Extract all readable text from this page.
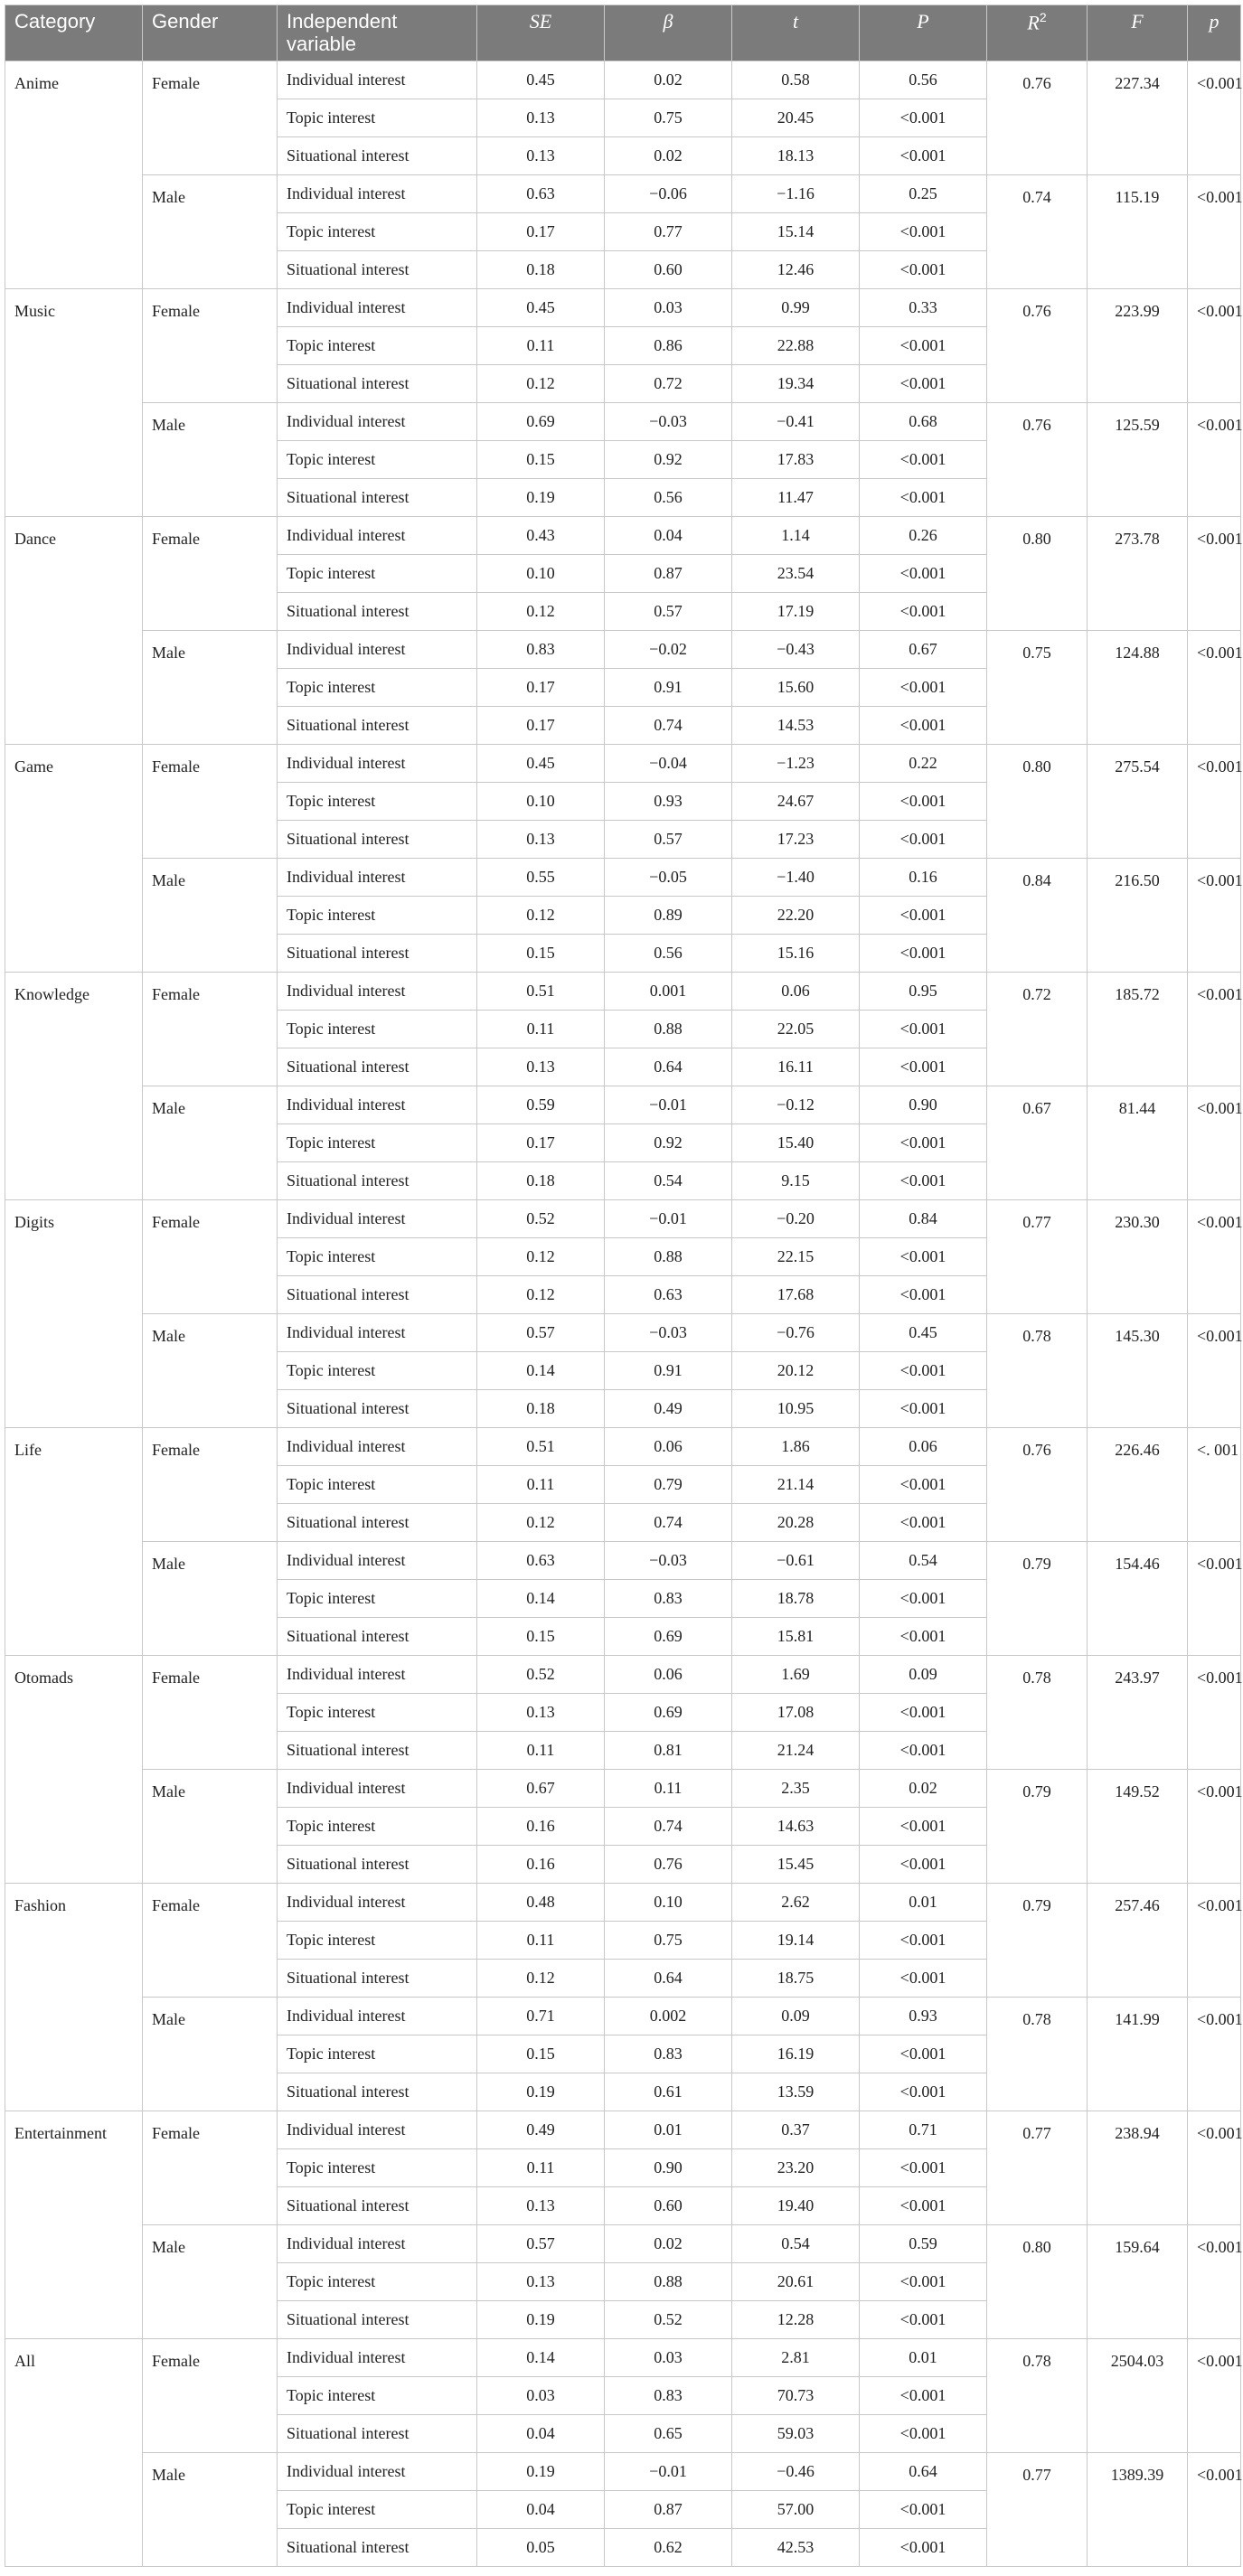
Category	Gender	Independent variable	SE	β	t	P	$R^2$	F	p
Anime	Female	Individual interest	0.45	0.02	0.58	0.56	0.76	227.34	<0.001
		Topic interest	0.13	0.75	20.45	<0.001			
		Situational interest	0.13	0.02	18.13	<0.001			
	Male	Individual interest	0.63	−0.06	−1.16	0.25	0.74	115.19	<0.001
		Topic interest	0.17	0.77	15.14	<0.001			
		Situational interest	0.18	0.60	12.46	<0.001			
Music	Female	Individual interest	0.45	0.03	0.99	0.33	0.76	223.99	<0.001
		Topic interest	0.11	0.86	22.88	<0.001			
		Situational interest	0.12	0.72	19.34	<0.001			
	Male	Individual interest	0.69	−0.03	−0.41	0.68	0.76	125.59	<0.001
		Topic interest	0.15	0.92	17.83	<0.001			
		Situational interest	0.19	0.56	11.47	<0.001			
Dance	Female	Individual interest	0.43	0.04	1.14	0.26	0.80	273.78	<0.001
		Topic interest	0.10	0.87	23.54	<0.001			
		Situational interest	0.12	0.57	17.19	<0.001			
	Male	Individual interest	0.83	−0.02	−0.43	0.67	0.75	124.88	<0.001
		Topic interest	0.17	0.91	15.60	<0.001			
		Situational interest	0.17	0.74	14.53	<0.001			
Game	Female	Individual interest	0.45	−0.04	−1.23	0.22	0.80	275.54	<0.001
		Topic interest	0.10	0.93	24.67	<0.001			
		Situational interest	0.13	0.57	17.23	<0.001			
	Male	Individual interest	0.55	−0.05	−1.40	0.16	0.84	216.50	<0.001
		Topic interest	0.12	0.89	22.20	<0.001			
		Situational interest	0.15	0.56	15.16	<0.001			
Knowledge	Female	Individual interest	0.51	0.001	0.06	0.95	0.72	185.72	<0.001
		Topic interest	0.11	0.88	22.05	<0.001			
		Situational interest	0.13	0.64	16.11	<0.001			
	Male	Individual interest	0.59	−0.01	−0.12	0.90	0.67	81.44	<0.001
		Topic interest	0.17	0.92	15.40	<0.001			
		Situational interest	0.18	0.54	9.15	<0.001			
Digits	Female	Individual interest	0.52	−0.01	−0.20	0.84	0.77	230.30	<0.001
		Topic interest	0.12	0.88	22.15	<0.001			
		Situational interest	0.12	0.63	17.68	<0.001			
	Male	Individual interest	0.57	−0.03	−0.76	0.45	0.78	145.30	<0.001
		Topic interest	0.14	0.91	20.12	<0.001			
		Situational interest	0.18	0.49	10.95	<0.001			
Life	Female	Individual interest	0.51	0.06	1.86	0.06	0.76	226.46	<. 001
		Topic interest	0.11	0.79	21.14	<0.001			
		Situational interest	0.12	0.74	20.28	<0.001			
	Male	Individual interest	0.63	−0.03	−0.61	0.54	0.79	154.46	<0.001
		Topic interest	0.14	0.83	18.78	<0.001			
		Situational interest	0.15	0.69	15.81	<0.001			
Otomads	Female	Individual interest	0.52	0.06	1.69	0.09	0.78	243.97	<0.001
		Topic interest	0.13	0.69	17.08	<0.001			
		Situational interest	0.11	0.81	21.24	<0.001			
	Male	Individual interest	0.67	0.11	2.35	0.02	0.79	149.52	<0.001
		Topic interest	0.16	0.74	14.63	<0.001			
		Situational interest	0.16	0.76	15.45	<0.001			
Fashion	Female	Individual interest	0.48	0.10	2.62	0.01	0.79	257.46	<0.001
		Topic interest	0.11	0.75	19.14	<0.001			
		Situational interest	0.12	0.64	18.75	<0.001			
	Male	Individual interest	0.71	0.002	0.09	0.93	0.78	141.99	<0.001
		Topic interest	0.15	0.83	16.19	<0.001			
		Situational interest	0.19	0.61	13.59	<0.001			
Entertainment	Female	Individual interest	0.49	0.01	0.37	0.71	0.77	238.94	<0.001
		Topic interest	0.11	0.90	23.20	<0.001			
		Situational interest	0.13	0.60	19.40	<0.001			
	Male	Individual interest	0.57	0.02	0.54	0.59	0.80	159.64	<0.001
		Topic interest	0.13	0.88	20.61	<0.001			
		Situational interest	0.19	0.52	12.28	<0.001			
All	Female	Individual interest	0.14	0.03	2.81	0.01	0.78	2504.03	<0.001
		Topic interest	0.03	0.83	70.73	<0.001			
		Situational interest	0.04	0.65	59.03	<0.001			
	Male	Individual interest	0.19	−0.01	−0.46	0.64	0.77	1389.39	<0.001
		Topic interest	0.04	0.87	57.00	<0.001			
		Situational interest	0.05	0.62	42.53	<0.001			
